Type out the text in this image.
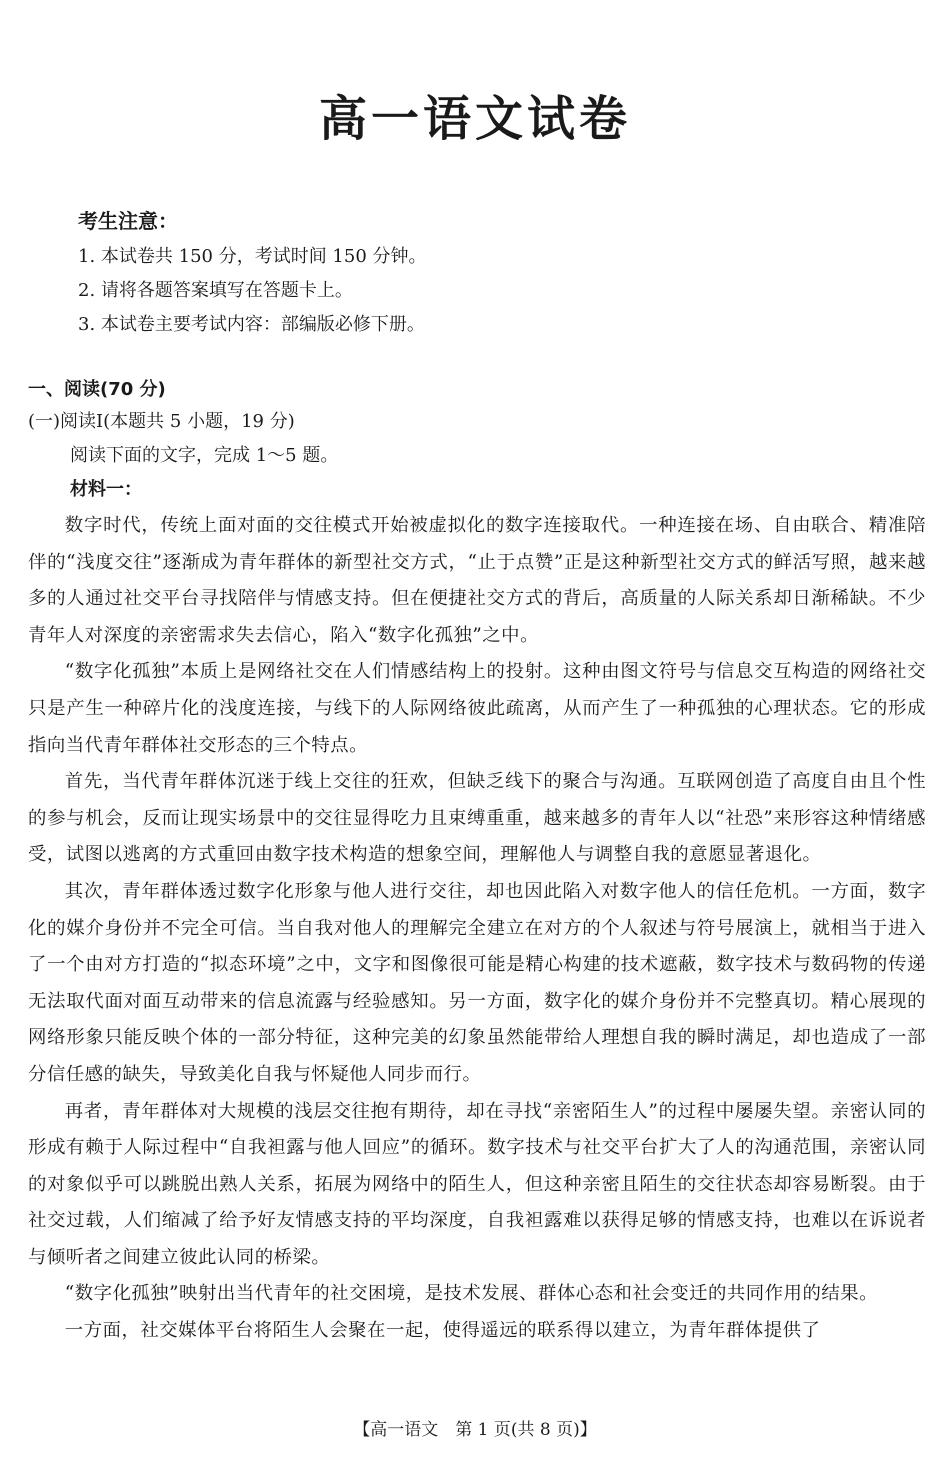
高一语文试卷
考生注意：
1. 本试卷共 150 分，考试时间 150 分钟。
2. 请将各题答案填写在答题卡上。
3. 本试卷主要考试内容：部编版必修下册。
一、阅读(70 分)
(一)阅读Ⅰ(本题共 5 小题，19 分)
阅读下面的文字，完成 1～5 题。
材料一：

数字时代，传统上面对面的交往模式开始被虚拟化的数字连接取代。一种连接在场、自由联合、精准陪伴的“浅度交往”逐渐成为青年群体的新型社交方式，“止于点赞”正是这种新型社交方式的鲜活写照，越来越多的人通过社交平台寻找陪伴与情感支持。但在便捷社交方式的背后，高质量的人际关系却日渐稀缺。不少青年人对深度的亲密需求失去信心，陷入“数字化孤独”之中。

“数字化孤独”本质上是网络社交在人们情感结构上的投射。这种由图文符号与信息交互构造的网络社交只是产生一种碎片化的浅度连接，与线下的人际网络彼此疏离，从而产生了一种孤独的心理状态。它的形成指向当代青年群体社交形态的三个特点。

首先，当代青年群体沉迷于线上交往的狂欢，但缺乏线下的聚合与沟通。互联网创造了高度自由且个性的参与机会，反而让现实场景中的交往显得吃力且束缚重重，越来越多的青年人以“社恐”来形容这种情绪感受，试图以逃离的方式重回由数字技术构造的想象空间，理解他人与调整自我的意愿显著退化。

其次，青年群体透过数字化形象与他人进行交往，却也因此陷入对数字他人的信任危机。一方面，数字化的媒介身份并不完全可信。当自我对他人的理解完全建立在对方的个人叙述与符号展演上，就相当于进入了一个由对方打造的“拟态环境”之中，文字和图像很可能是精心构建的技术遮蔽，数字技术与数码物的传递无法取代面对面互动带来的信息流露与经验感知。另一方面，数字化的媒介身份并不完整真切。精心展现的网络形象只能反映个体的一部分特征，这种完美的幻象虽然能带给人理想自我的瞬时满足，却也造成了一部分信任感的缺失，导致美化自我与怀疑他人同步而行。

再者，青年群体对大规模的浅层交往抱有期待，却在寻找“亲密陌生人”的过程中屡屡失望。亲密认同的形成有赖于人际过程中“自我袒露与他人回应”的循环。数字技术与社交平台扩大了人的沟通范围，亲密认同的对象似乎可以跳脱出熟人关系，拓展为网络中的陌生人，但这种亲密且陌生的交往状态却容易断裂。由于社交过载，人们缩减了给予好友情感支持的平均深度，自我袒露难以获得足够的情感支持，也难以在诉说者与倾听者之间建立彼此认同的桥梁。

“数字化孤独”映射出当代青年的社交困境，是技术发展、群体心态和社会变迁的共同作用的结果。

一方面，社交媒体平台将陌生人会聚在一起，使得遥远的联系得以建立，为青年群体提供了

【高一语文　第 1 页(共 8 页)】
